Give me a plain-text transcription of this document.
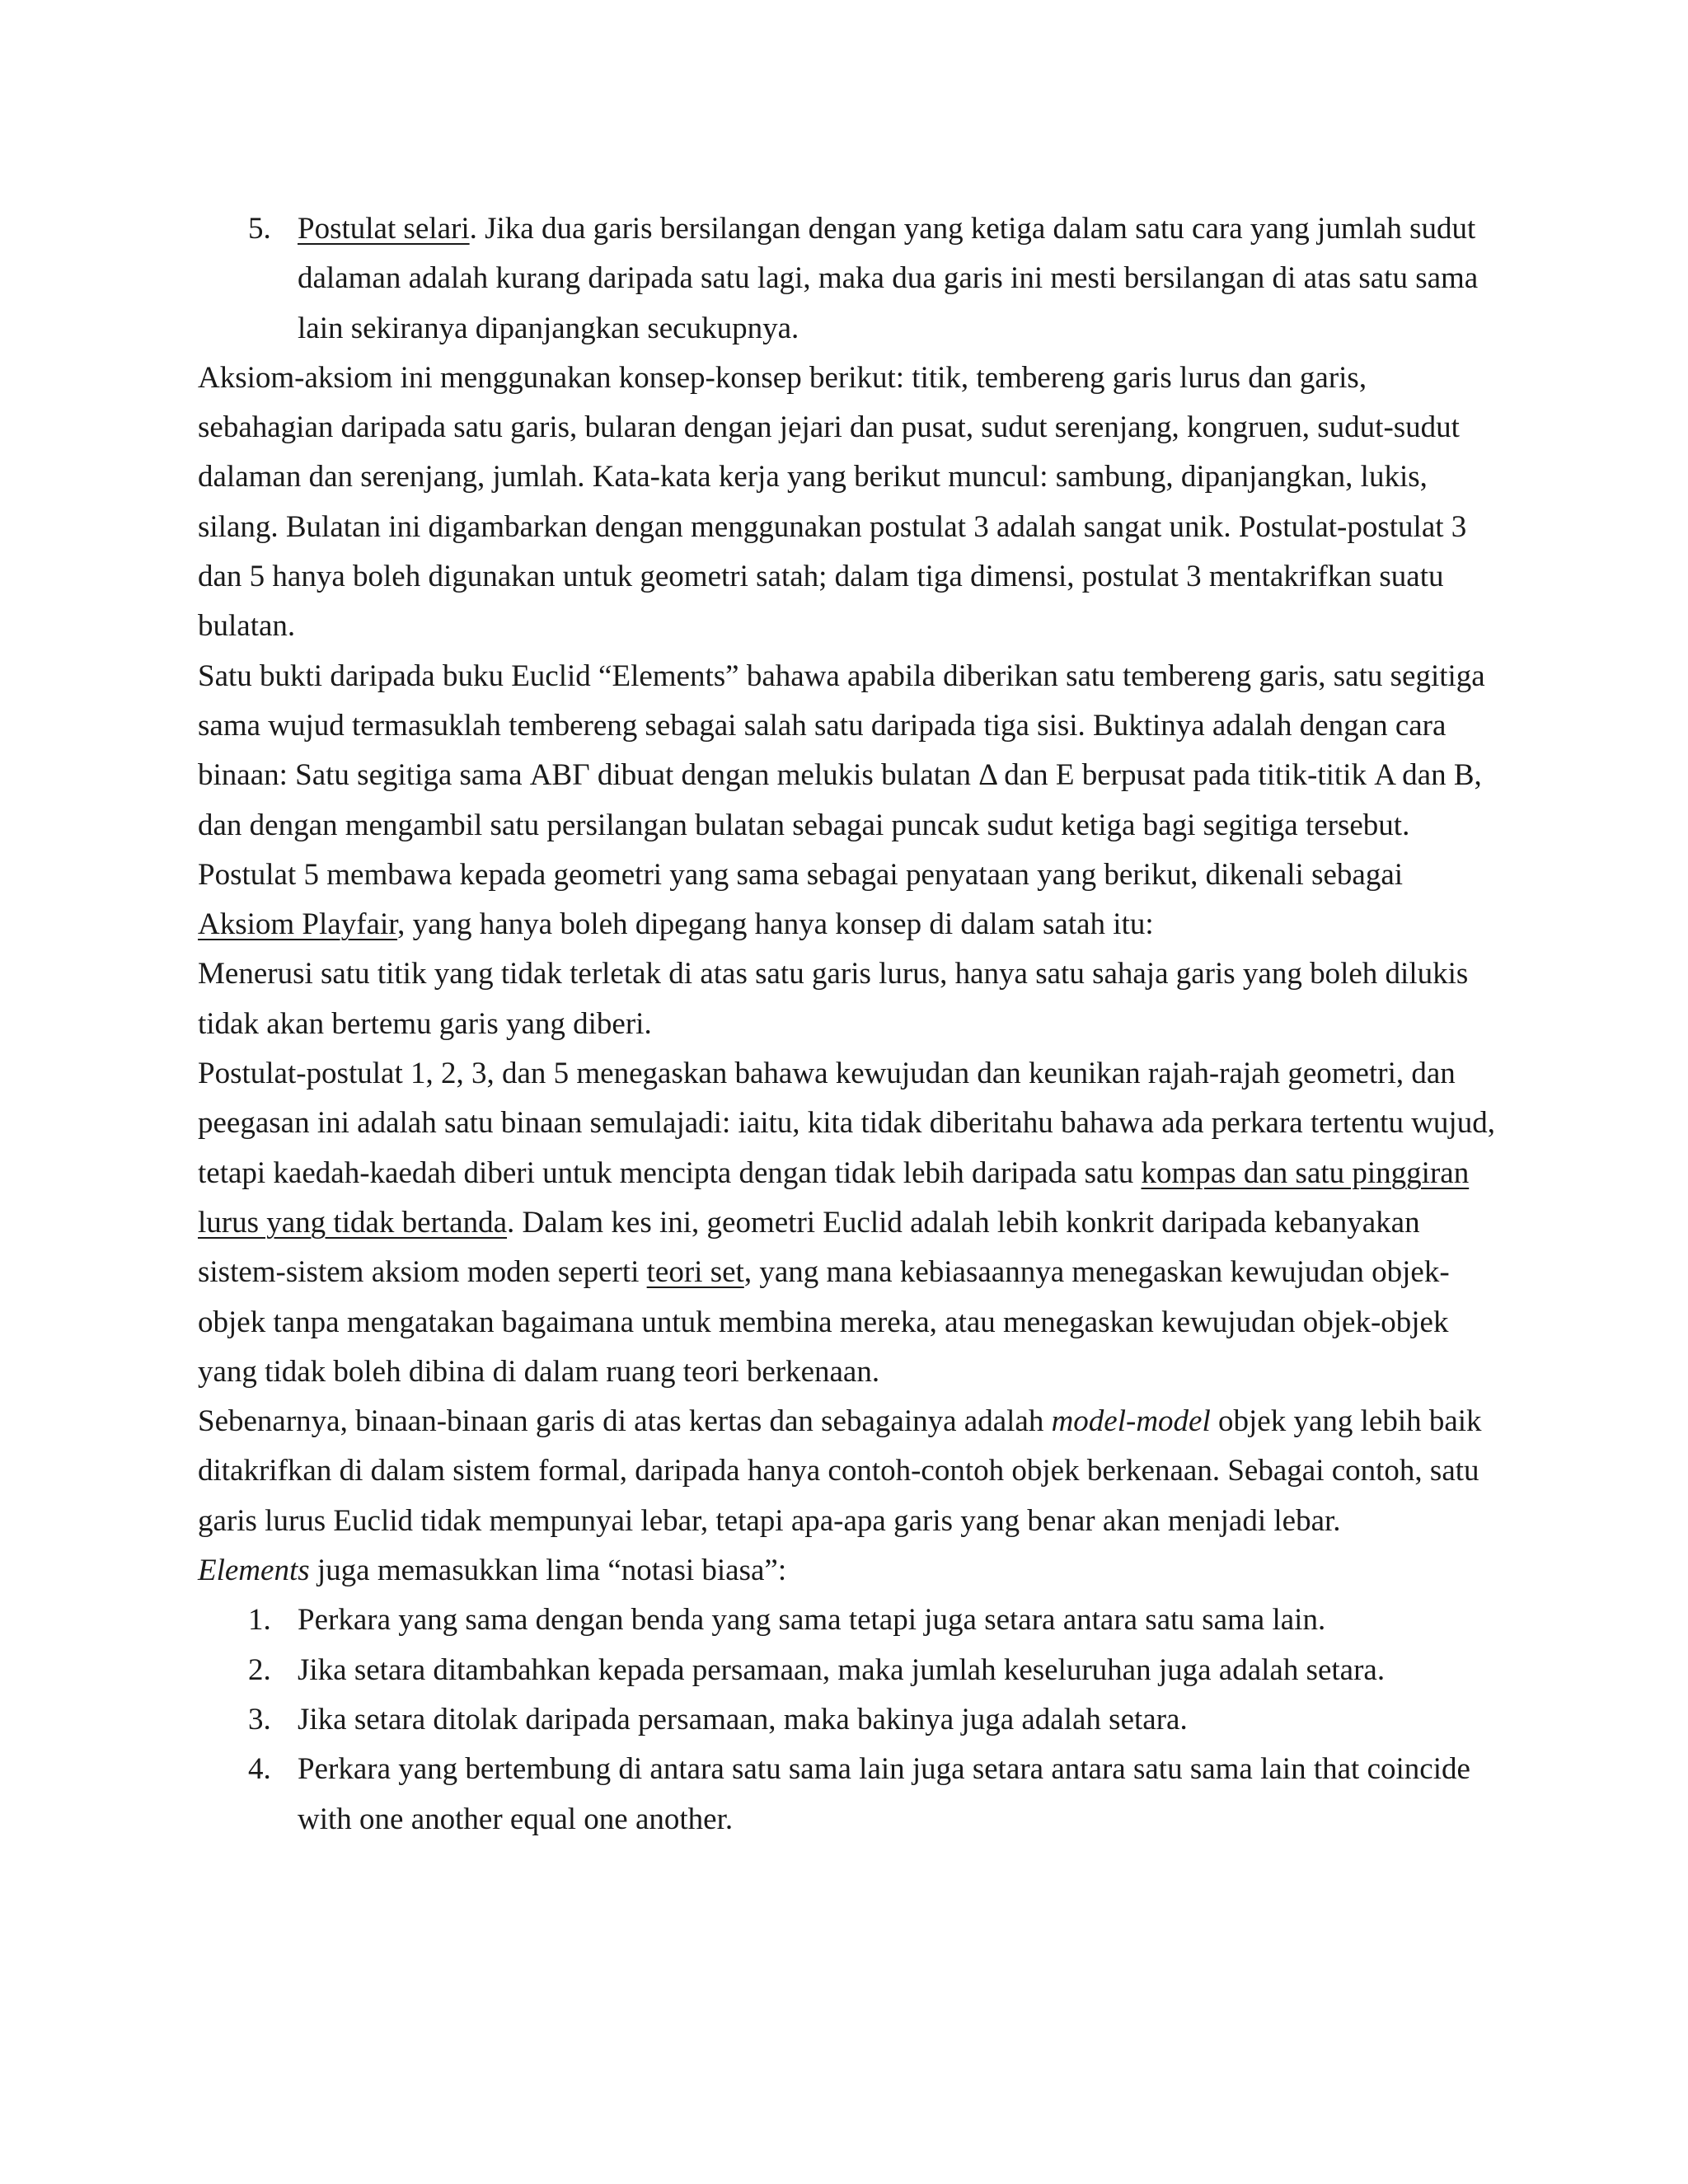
5. Postulat selari. Jika dua garis bersilangan dengan yang ketiga dalam satu cara yang jumlah sudut dalaman adalah kurang daripada satu lagi, maka dua garis ini mesti bersilangan di atas satu sama lain sekiranya dipanjangkan secukupnya.

Aksiom-aksiom ini menggunakan konsep-konsep berikut: titik, tembereng garis lurus dan garis, sebahagian daripada satu garis, bularan dengan jejari dan pusat, sudut serenjang, kongruen, sudut-sudut dalaman dan serenjang, jumlah. Kata-kata kerja yang berikut muncul: sambung, dipanjangkan, lukis, silang. Bulatan ini digambarkan dengan menggunakan postulat 3 adalah sangat unik. Postulat-postulat 3 dan 5 hanya boleh digunakan untuk geometri satah; dalam tiga dimensi, postulat 3 mentakrifkan suatu bulatan.

Satu bukti daripada buku Euclid “Elements” bahawa apabila diberikan satu tembereng garis, satu segitiga sama wujud termasuklah tembereng sebagai salah satu daripada tiga sisi. Buktinya adalah dengan cara binaan: Satu segitiga sama ΑΒΓ dibuat dengan melukis bulatan Δ dan Ε berpusat pada titik-titik Α dan Β, dan dengan mengambil satu persilangan bulatan sebagai puncak sudut ketiga bagi segitiga tersebut.

Postulat 5 membawa kepada geometri yang sama sebagai penyataan yang berikut, dikenali sebagai Aksiom Playfair, yang hanya boleh dipegang hanya konsep di dalam satah itu:

Menerusi satu titik yang tidak terletak di atas satu garis lurus, hanya satu sahaja garis yang boleh dilukis tidak akan bertemu garis yang diberi.

Postulat-postulat 1, 2, 3, dan 5 menegaskan bahawa kewujudan dan keunikan rajah-rajah geometri, dan peegasan ini adalah satu binaan semulajadi: iaitu, kita tidak diberitahu bahawa ada perkara tertentu wujud, tetapi kaedah-kaedah diberi untuk mencipta dengan tidak lebih daripada satu kompas dan satu pinggiran lurus yang tidak bertanda. Dalam kes ini, geometri Euclid adalah lebih konkrit daripada kebanyakan sistem-sistem aksiom moden seperti teori set, yang mana kebiasaannya menegaskan kewujudan objek-objek tanpa mengatakan bagaimana untuk membina mereka, atau menegaskan kewujudan objek-objek yang tidak boleh dibina di dalam ruang teori berkenaan.

Sebenarnya, binaan-binaan garis di atas kertas dan sebagainya adalah model-model objek yang lebih baik ditakrifkan di dalam sistem formal, daripada hanya contoh-contoh objek berkenaan. Sebagai contoh, satu garis lurus Euclid tidak mempunyai lebar, tetapi apa-apa garis yang benar akan menjadi lebar.

Elements juga memasukkan lima “notasi biasa”:

1. Perkara yang sama dengan benda yang sama tetapi juga setara antara satu sama lain.
2. Jika setara ditambahkan kepada persamaan, maka jumlah keseluruhan juga adalah setara.
3. Jika setara ditolak daripada persamaan, maka bakinya juga adalah setara.
4. Perkara yang bertembung di antara satu sama lain juga setara antara satu sama lain that coincide with one another equal one another.
